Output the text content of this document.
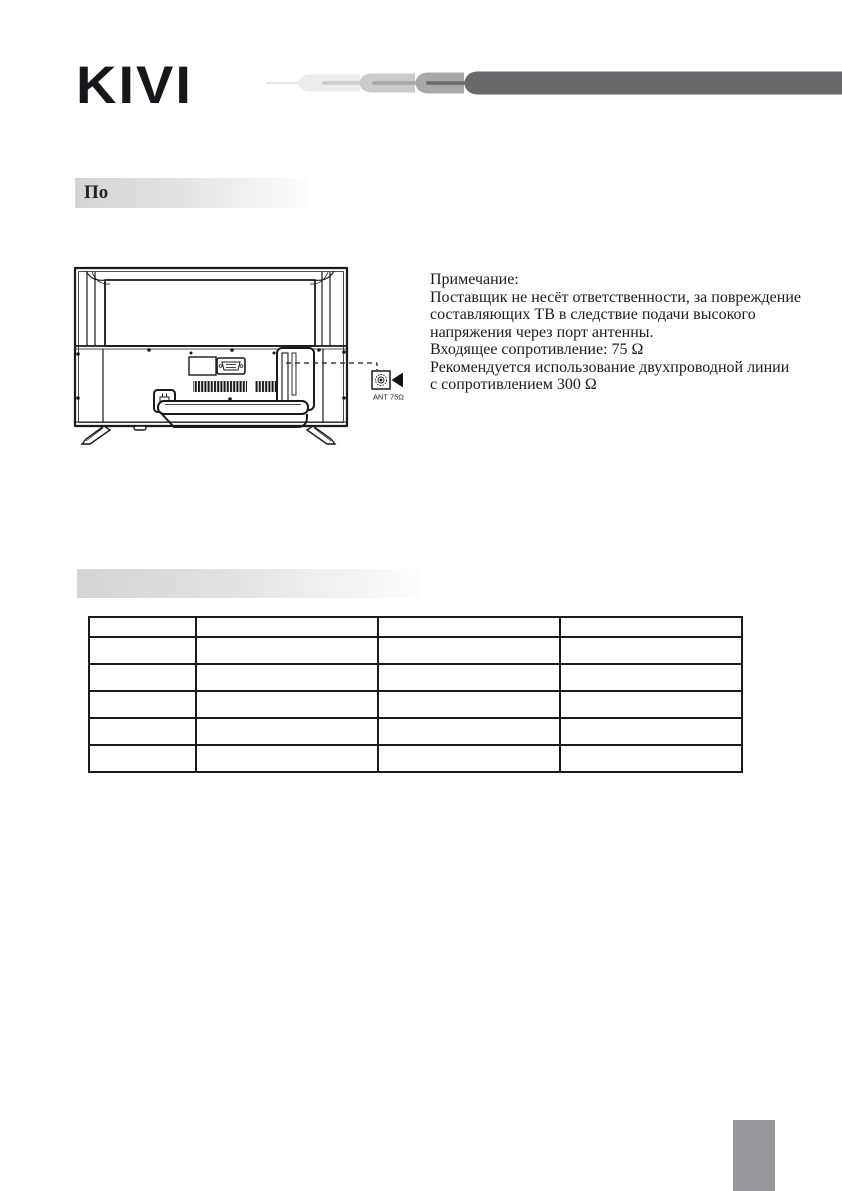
KIVI
По
ANT 75Ω
Примечание:
Поставщик не несёт ответственности, за повреждение
составляющих ТВ в следствие подачи высокого
напряжения через порт антенны.
Входящее сопротивление: 75 Ω
Рекомендуется использование двухпроводной линии
с сопротивлением 300 Ω
